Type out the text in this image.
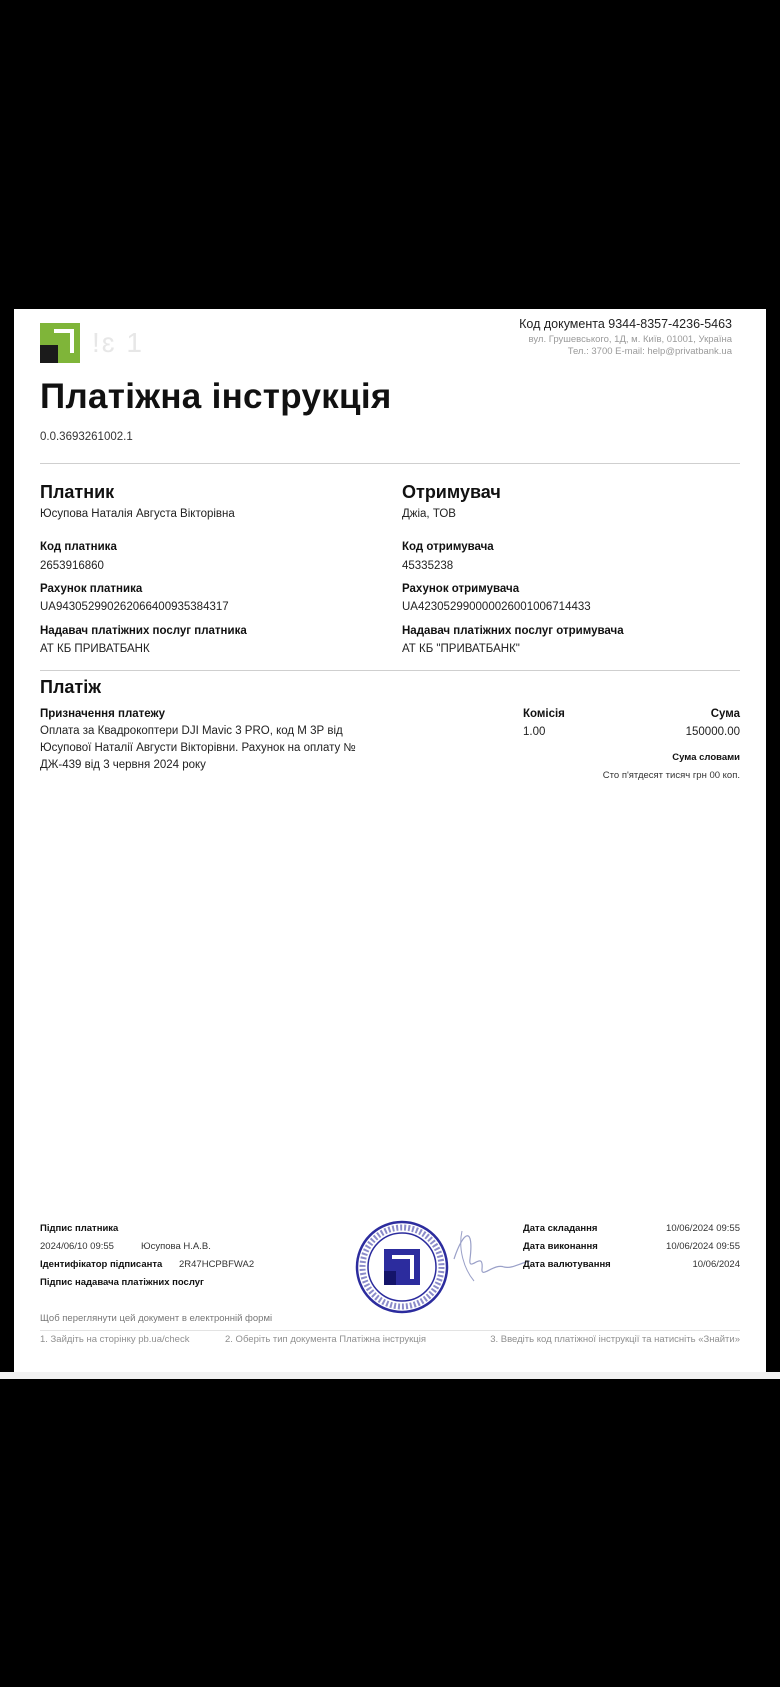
!ɛ 1
Код документа 9344-8357-4236-5463
вул. Грушевського, 1Д, м. Київ, 01001, Україна
Тел.: 3700 E-mail: help@privatbank.ua
Платіжна інструкція
0.0.3693261002.1
Платник
Юсупова Наталія Августа Вікторівна
Код платника
2653916860
Рахунок платника
UA943052990262066400935384317
Надавач платіжних послуг платника
АТ КБ ПРИВАТБАНК
Отримувач
Джіа, ТОВ
Код отримувача
45335238
Рахунок отримувача
UA423052990000026001006714433
Надавач платіжних послуг отримувача
АТ КБ "ПРИВАТБАНК"
Платіж
Призначення платежу
Оплата за Квадрокоптери DJI Mavic 3 PRO, код М 3Р від Юсупової Наталії Августи Вікторівни. Рахунок на оплату № ДЖ-439 від 3 червня 2024 року
Комісія
1.00
Сума
150000.00
Сума словами
Сто п'ятдесят тисяч грн 00 коп.
Підпис платника
2024/06/10 09:55	Юсупова Н.А.В.
Ідентифікатор підписанта 2R47HCPBFWA2
Підпис надавача платіжних послуг
Дата складання	10/06/2024 09:55
Дата виконання	10/06/2024 09:55
Дата валютування	10/06/2024
Щоб переглянути цей документ в електронній формі
1. Зайдіть на сторінку pb.ua/check	2. Оберіть тип документа Платіжна інструкція	3. Введіть код платіжної інструкції та натисніть «Знайти»
